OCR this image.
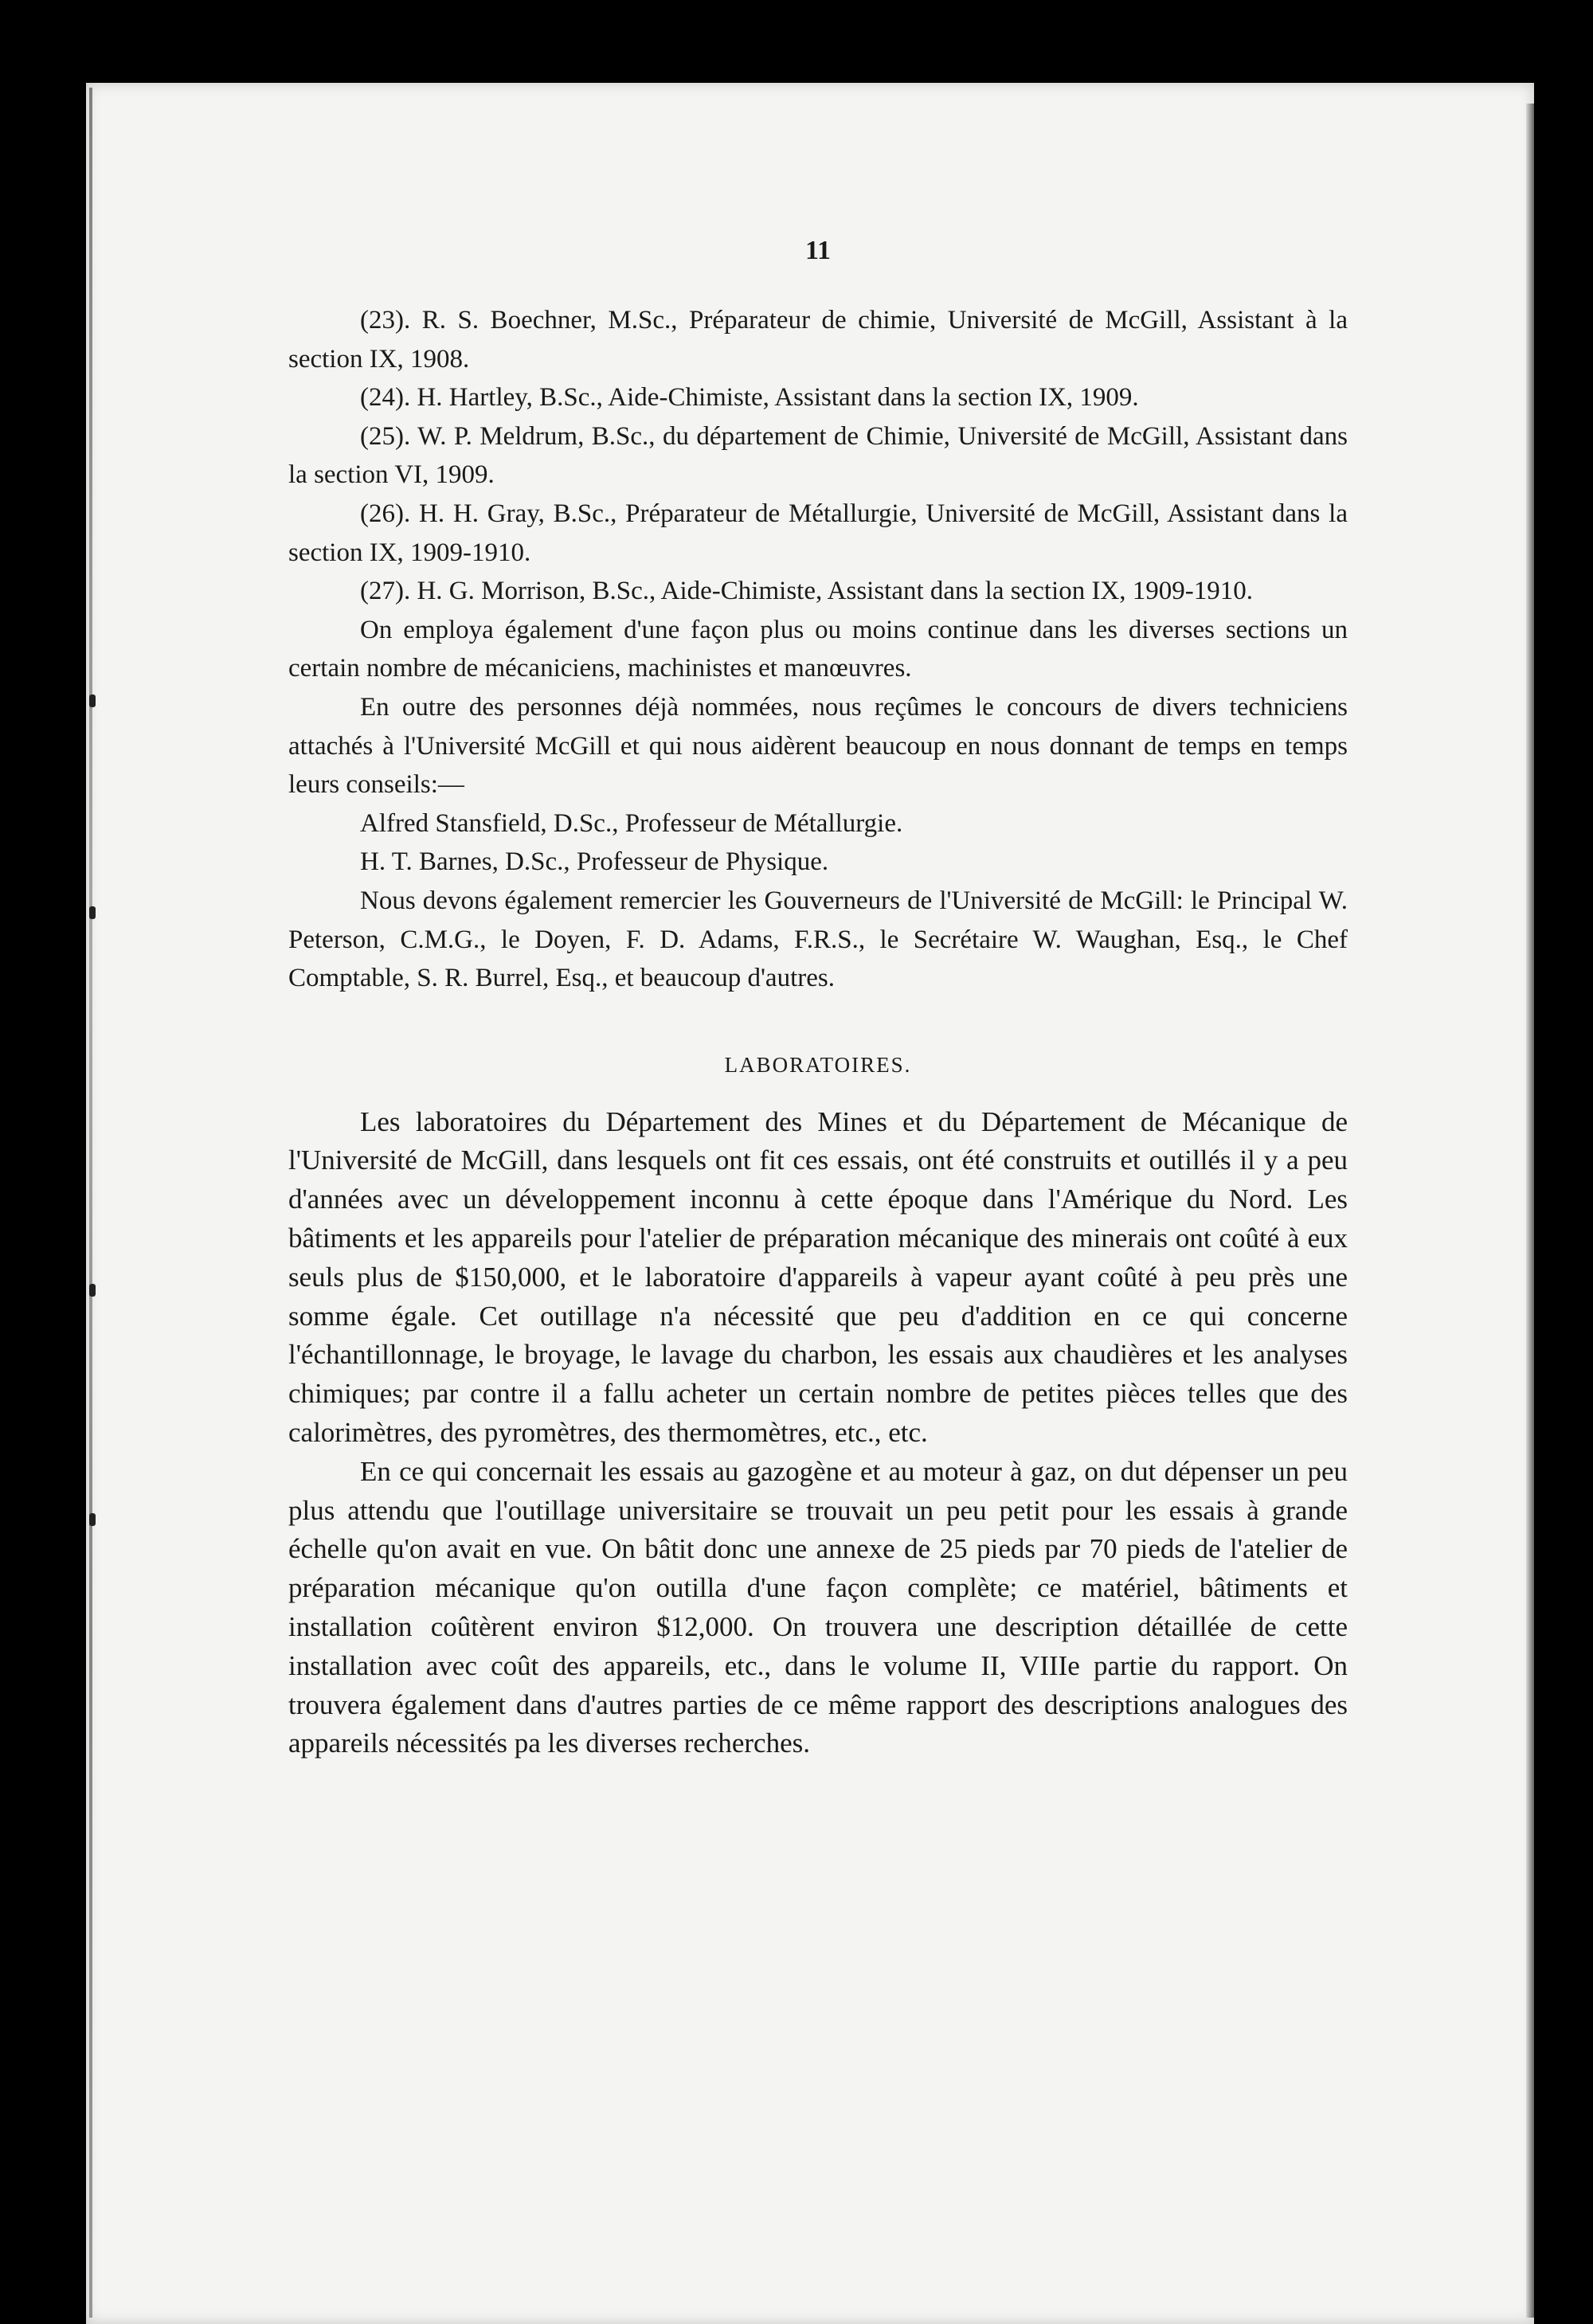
11

(23). R. S. Boechner, M.Sc., Préparateur de chimie, Université de McGill, Assistant à la section IX, 1908.

(24). H. Hartley, B.Sc., Aide-Chimiste, Assistant dans la section IX, 1909.

(25). W. P. Meldrum, B.Sc., du département de Chimie, Université de McGill, Assistant dans la section VI, 1909.

(26). H. H. Gray, B.Sc., Préparateur de Métallurgie, Université de McGill, Assistant dans la section IX, 1909-1910.

(27). H. G. Morrison, B.Sc., Aide-Chimiste, Assistant dans la section IX, 1909-1910.

On employa également d'une façon plus ou moins continue dans les diverses sections un certain nombre de mécaniciens, machinistes et manœuvres.

En outre des personnes déjà nommées, nous reçûmes le concours de divers techniciens attachés à l'Université McGill et qui nous aidèrent beaucoup en nous donnant de temps en temps leurs conseils:—

Alfred Stansfield, D.Sc., Professeur de Métallurgie.

H. T. Barnes, D.Sc., Professeur de Physique.

Nous devons également remercier les Gouverneurs de l'Université de McGill: le Principal W. Peterson, C.M.G., le Doyen, F. D. Adams, F.R.S., le Secrétaire W. Waughan, Esq., le Chef Comptable, S. R. Burrel, Esq., et beaucoup d'autres.

LABORATOIRES.

Les laboratoires du Département des Mines et du Département de Mécanique de l'Université de McGill, dans lesquels ont fit ces essais, ont été construits et outillés il y a peu d'années avec un développement inconnu à cette époque dans l'Amérique du Nord. Les bâtiments et les appareils pour l'atelier de préparation mécanique des minerais ont coûté à eux seuls plus de $150,000, et le laboratoire d'appareils à vapeur ayant coûté à peu près une somme égale. Cet outillage n'a nécessité que peu d'addition en ce qui concerne l'échantillonnage, le broyage, le lavage du charbon, les essais aux chaudières et les analyses chimiques; par contre il a fallu acheter un certain nombre de petites pièces telles que des calorimètres, des pyromètres, des thermomètres, etc., etc.

En ce qui concernait les essais au gazogène et au moteur à gaz, on dut dépenser un peu plus attendu que l'outillage universitaire se trouvait un peu petit pour les essais à grande échelle qu'on avait en vue. On bâtit donc une annexe de 25 pieds par 70 pieds de l'atelier de préparation mécanique qu'on outilla d'une façon complète; ce matériel, bâtiments et installation coûtèrent environ $12,000. On trouvera une description détaillée de cette installation avec coût des appareils, etc., dans le volume II, VIIIe partie du rapport. On trouvera également dans d'autres parties de ce même rapport des descriptions analogues des appareils nécessités pa les diverses recherches.
